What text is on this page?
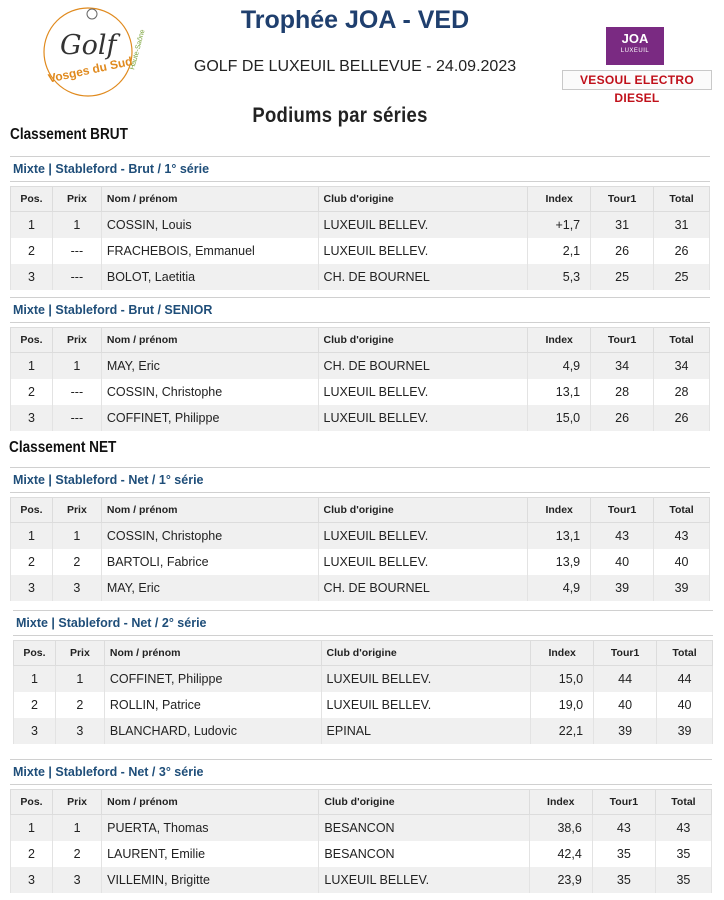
Golf
Vosges du Sud
Haute-Saône
Trophée JOA - VED
GOLF DE LUXEUIL BELLEVUE - 24.09.2023
JOA
LUXEUIL
VESOUL ELECTRO DIESEL
Podiums par séries
Classement BRUT
Classement NET
Mixte | Stableford - Brut / 1° série
Pos.	Prix	Nom / prénom	Club d'origine	Index	Tour1	Total
1	1	COSSIN, Louis	LUXEUIL BELLEV.	+1,7	31	31
2	---	FRACHEBOIS, Emmanuel	LUXEUIL BELLEV.	2,1	26	26
3	---	BOLOT, Laetitia	CH. DE BOURNEL	5,3	25	25
Mixte | Stableford - Brut / SENIOR
Pos.	Prix	Nom / prénom	Club d'origine	Index	Tour1	Total
1	1	MAY, Eric	CH. DE BOURNEL	4,9	34	34
2	---	COSSIN, Christophe	LUXEUIL BELLEV.	13,1	28	28
3	---	COFFINET, Philippe	LUXEUIL BELLEV.	15,0	26	26
Mixte | Stableford - Net / 1° série
Pos.	Prix	Nom / prénom	Club d'origine	Index	Tour1	Total
1	1	COSSIN, Christophe	LUXEUIL BELLEV.	13,1	43	43
2	2	BARTOLI, Fabrice	LUXEUIL BELLEV.	13,9	40	40
3	3	MAY, Eric	CH. DE BOURNEL	4,9	39	39
Mixte | Stableford - Net / 2° série
Pos.	Prix	Nom / prénom	Club d'origine	Index	Tour1	Total
1	1	COFFINET, Philippe	LUXEUIL BELLEV.	15,0	44	44
2	2	ROLLIN, Patrice	LUXEUIL BELLEV.	19,0	40	40
3	3	BLANCHARD, Ludovic	EPINAL	22,1	39	39
Mixte | Stableford - Net / 3° série
Pos.	Prix	Nom / prénom	Club d'origine	Index	Tour1	Total
1	1	PUERTA, Thomas	BESANCON	38,6	43	43
2	2	LAURENT, Emilie	BESANCON	42,4	35	35
3	3	VILLEMIN, Brigitte	LUXEUIL BELLEV.	23,9	35	35
